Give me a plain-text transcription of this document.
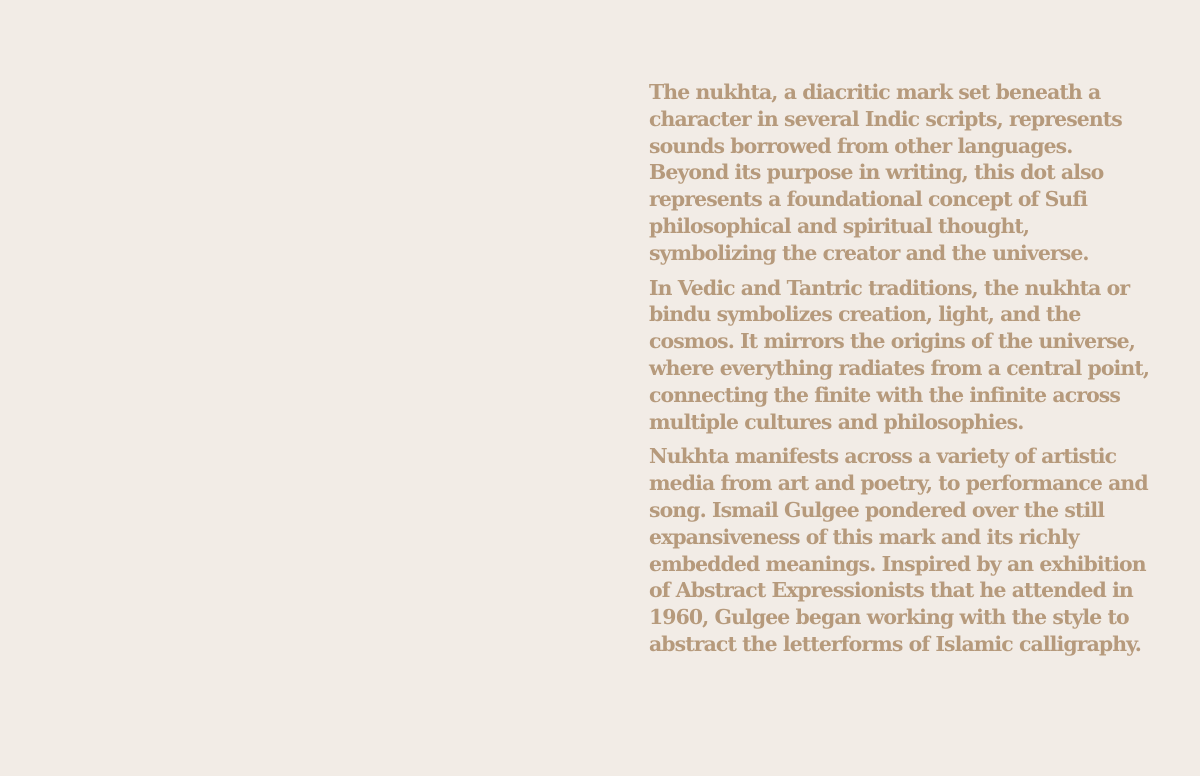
The nukhta, a diacritic mark set beneath a
character in several Indic scripts, represents
sounds borrowed from other languages.
Beyond its purpose in writing, this dot also
represents a foundational concept of Sufi
philosophical and spiritual thought,
symbolizing the creator and the universe.

In Vedic and Tantric traditions, the nukhta or
bindu symbolizes creation, light, and the
cosmos. It mirrors the origins of the universe,
where everything radiates from a central point,
connecting the finite with the infinite across
multiple cultures and philosophies.

Nukhta manifests across a variety of artistic
media from art and poetry, to performance and
song. Ismail Gulgee pondered over the still
expansiveness of this mark and its richly
embedded meanings. Inspired by an exhibition
of Abstract Expressionists that he attended in
1960, Gulgee began working with the style to
abstract the letterforms of Islamic calligraphy.
